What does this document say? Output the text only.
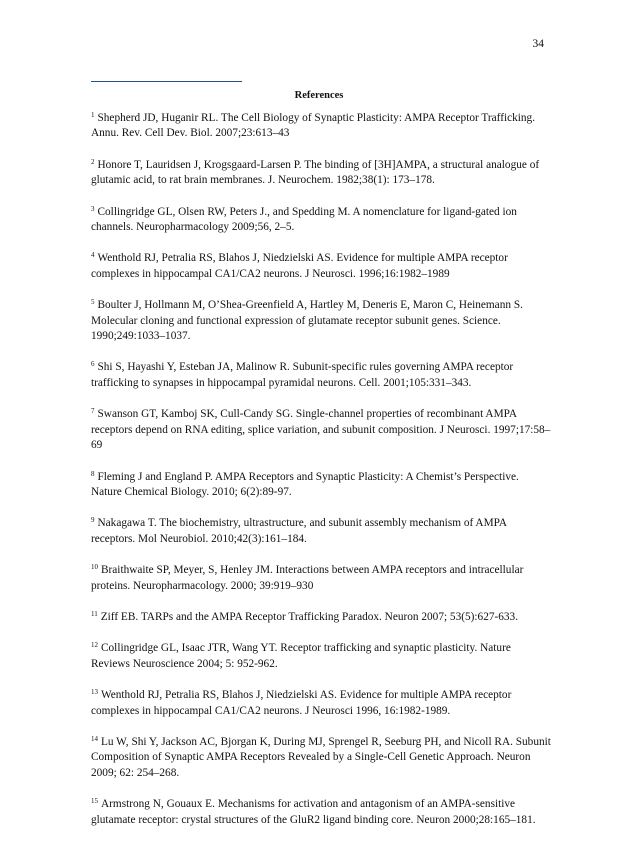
34
References

$^1$ Shepherd JD, Huganir RL. The Cell Biology of Synaptic Plasticity: AMPA Receptor Trafficking. Annu. Rev. Cell Dev. Biol. 2007;23:613–43

$^2$ Honore T, Lauridsen J, Krogsgaard-Larsen P. The binding of [3H]AMPA, a structural analogue of glutamic acid, to rat brain membranes. J. Neurochem. 1982;38(1): 173–178.

$^3$ Collingridge GL, Olsen RW, Peters J., and Spedding M. A nomenclature for ligand-gated ion channels. Neuropharmacology 2009;56, 2–5.

$^4$ Wenthold RJ, Petralia RS, Blahos J, Niedzielski AS. Evidence for multiple AMPA receptor complexes in hippocampal CA1/CA2 neurons. J Neurosci. 1996;16:1982–1989

$^5$ Boulter J, Hollmann M, O’Shea-Greenfield A, Hartley M, Deneris E, Maron C, Heinemann S. Molecular cloning and functional expression of glutamate receptor subunit genes. Science. 1990;249:1033–1037.

$^6$ Shi S, Hayashi Y, Esteban JA, Malinow R. Subunit-specific rules governing AMPA receptor trafficking to synapses in hippocampal pyramidal neurons. Cell. 2001;105:331–343.

$^7$ Swanson GT, Kamboj SK, Cull-Candy SG. Single-channel properties of recombinant AMPA receptors depend on RNA editing, splice variation, and subunit composition. J Neurosci. 1997;17:58–69

$^8$ Fleming J and England P. AMPA Receptors and Synaptic Plasticity: A Chemist’s Perspective. Nature Chemical Biology. 2010; 6(2):89-97.

$^9$ Nakagawa T. The biochemistry, ultrastructure, and subunit assembly mechanism of AMPA receptors. Mol Neurobiol. 2010;42(3):161–184.

$^{10}$ Braithwaite SP, Meyer, S, Henley JM. Interactions between AMPA receptors and intracellular proteins. Neuropharmacology. 2000; 39:919–930

$^{11}$ Ziff EB. TARPs and the AMPA Receptor Trafficking Paradox. Neuron 2007; 53(5):627-633.

$^{12}$ Collingridge GL, Isaac JTR, Wang YT. Receptor trafficking and synaptic plasticity. Nature Reviews Neuroscience 2004; 5: 952-962.

$^{13}$ Wenthold RJ, Petralia RS, Blahos J, Niedzielski AS. Evidence for multiple AMPA receptor complexes in hippocampal CA1/CA2 neurons. J Neurosci 1996, 16:1982-1989.

$^{14}$ Lu W, Shi Y, Jackson AC, Bjorgan K, During MJ, Sprengel R, Seeburg PH, and Nicoll RA. Subunit Composition of Synaptic AMPA Receptors Revealed by a Single-Cell Genetic Approach. Neuron 2009; 62: 254–268.

$^{15}$ Armstrong N, Gouaux E. Mechanisms for activation and antagonism of an AMPA-sensitive glutamate receptor: crystal structures of the GluR2 ligand binding core. Neuron 2000;28:165–181.
